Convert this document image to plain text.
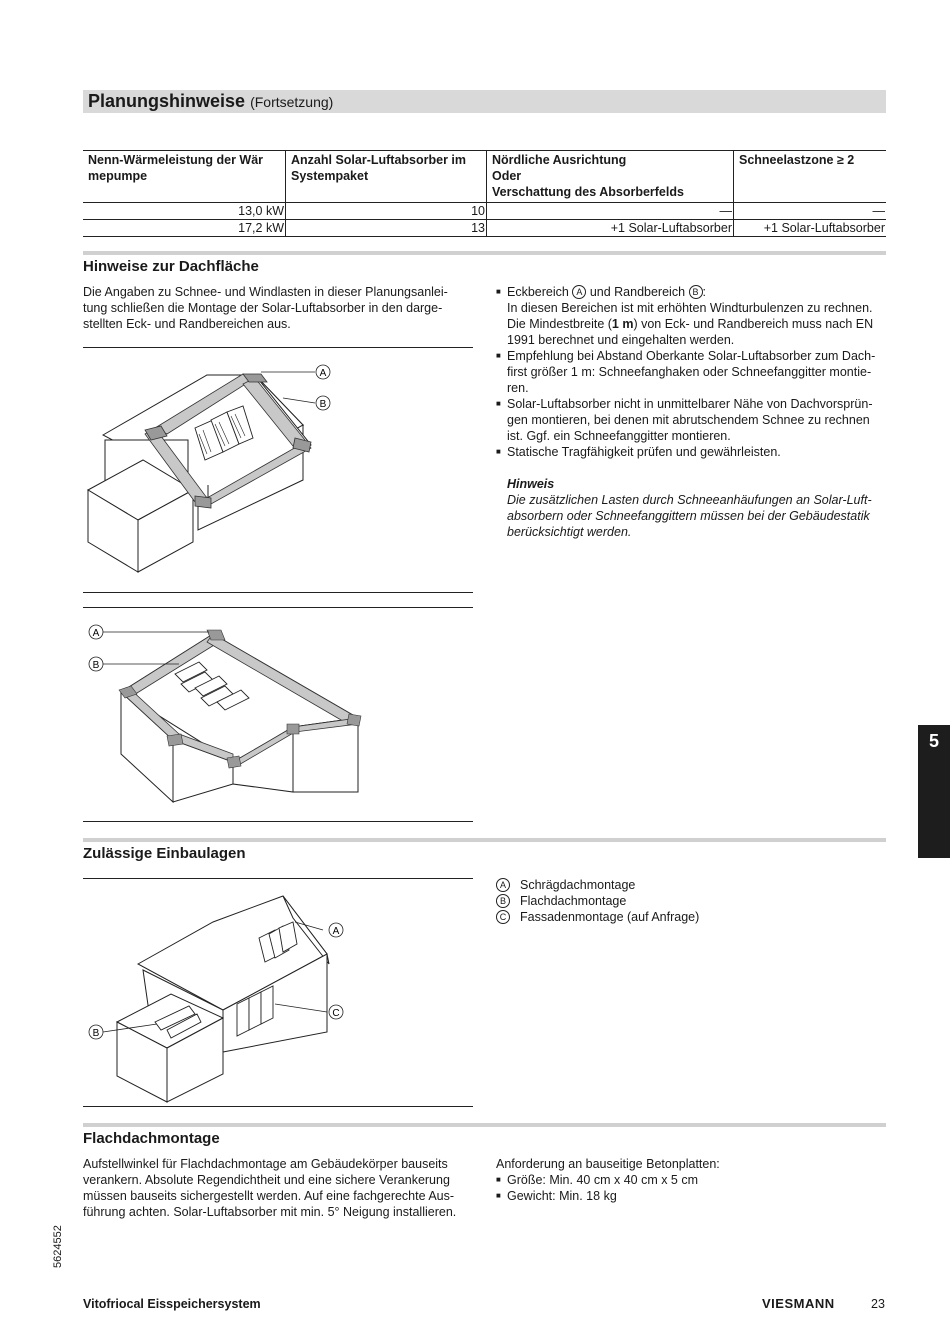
Planungshinweise (Fortsetzung)
Nenn-Wärmeleistung der Wär
mepumpe	Anzahl Solar-Luftabsorber im
Systempaket	Nördliche Ausrichtung
Oder
Verschattung des Absorberfelds	Schneelastzone ≥ 2
13,0 kW	10	—	—
17,2 kW	13	+1 Solar-Luftabsorber	+1 Solar-Luftabsorber
Hinweise zur Dachfläche
Die Angaben zu Schnee- und Windlasten in dieser Planungsanleitung schließen die Montage der Solar-Luftabsorber in den dargestellten Eck- und Randbereichen aus.
■ Eckbereich A und Randbereich B :
In diesen Bereichen ist mit erhöhten Windturbulenzen zu rechnen.
Die Mindestbreite (1 m) von Eck- und Randbereich muss nach EN 1991 berechnet und eingehalten werden.
■ Empfehlung bei Abstand Oberkante Solar-Luftabsorber zum Dachfirst größer 1 m: Schneefanghaken oder Schneefanggitter montieren.
■ Solar-Luftabsorber nicht in unmittelbarer Nähe von Dachvorsprüngen montieren, bei denen mit abrutschendem Schnee zu rechnen ist. Ggf. ein Schneefanggitter montieren.
■ Statische Tragfähigkeit prüfen und gewährleisten.
Hinweis
Die zusätzlichen Lasten durch Schneeanhäufungen an Solar-Luftabsorbern oder Schneefanggittern müssen bei der Gebäudestatik berücksichtigt werden.
A
B
A
B
Zulässige Einbaulagen
A	Schrägdachmontage
B	Flachdachmontage
C	Fassadenmontage (auf Anfrage)
A
C
B
Flachdachmontage
Aufstellwinkel für Flachdachmontage am Gebäudekörper bauseits verankern. Absolute Regendichtheit und eine sichere Verankerung müssen bauseits sichergestellt werden. Auf eine fachgerechte Ausführung achten. Solar-Luftabsorber mit min. 5° Neigung installieren.
Anforderung an bauseitige Betonplatten:
■ Größe: Min. 40 cm x 40 cm x 5 cm
■ Gewicht: Min. 18 kg
5
5624552
Vitofriocal Eisspeichersystem	VIESMANN	23
